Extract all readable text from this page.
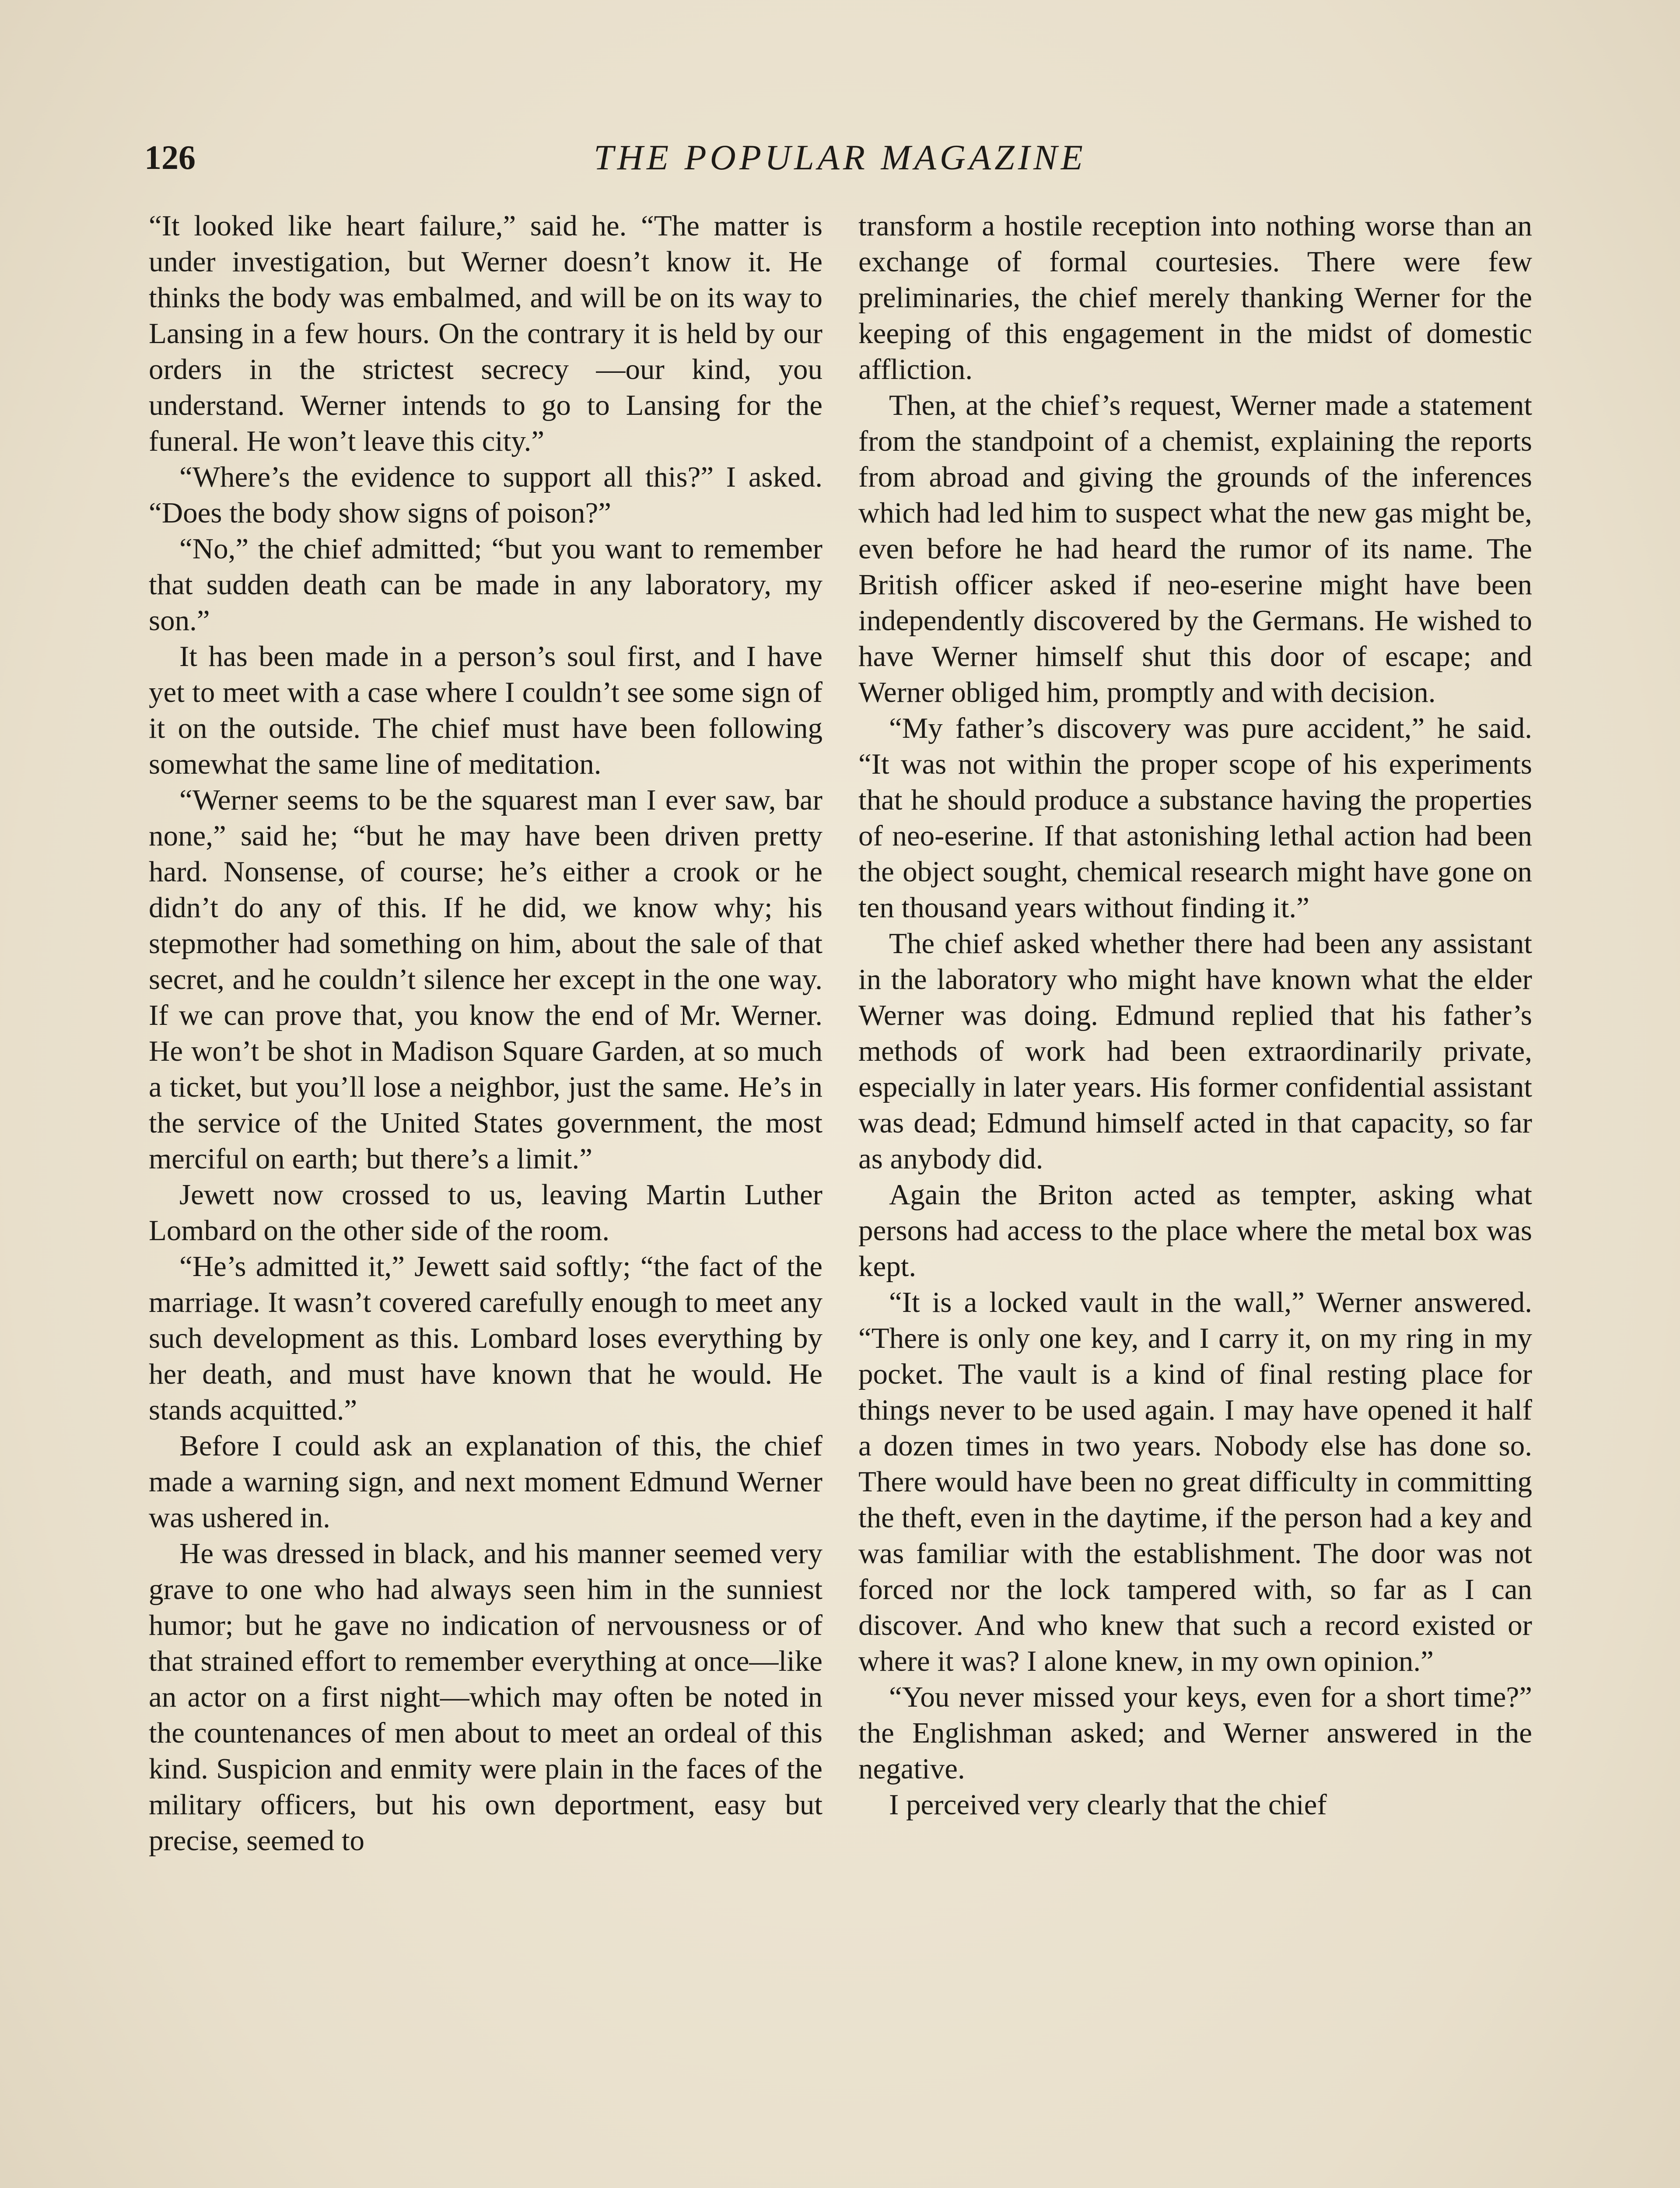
126	THE POPULAR MAGAZINE

“It looked like heart failure,” said he. “The matter is under investigation, but Werner doesn’t know it. He thinks the body was embalmed, and will be on its way to Lansing in a few hours. On the contrary it is held by our orders in the strictest secrecy —our kind, you understand. Werner intends to go to Lansing for the funeral. He won’t leave this city.”

“Where’s the evidence to support all this?” I asked. “Does the body show signs of poison?”

“No,” the chief admitted; “but you want to remember that sudden death can be made in any laboratory, my son.”

It has been made in a person’s soul first, and I have yet to meet with a case where I couldn’t see some sign of it on the outside. The chief must have been following somewhat the same line of meditation.

“Werner seems to be the squarest man I ever saw, bar none,” said he; “but he may have been driven pretty hard. Nonsense, of course; he’s either a crook or he didn’t do any of this. If he did, we know why; his stepmother had something on him, about the sale of that secret, and he couldn’t silence her except in the one way. If we can prove that, you know the end of Mr. Werner. He won’t be shot in Madison Square Garden, at so much a ticket, but you’ll lose a neighbor, just the same. He’s in the service of the United States government, the most merciful on earth; but there’s a limit.”

Jewett now crossed to us, leaving Martin Luther Lombard on the other side of the room.

“He’s admitted it,” Jewett said softly; “the fact of the marriage. It wasn’t covered carefully enough to meet any such development as this. Lombard loses everything by her death, and must have known that he would. He stands acquitted.”

Before I could ask an explanation of this, the chief made a warning sign, and next moment Edmund Werner was ushered in.

He was dressed in black, and his manner seemed very grave to one who had always seen him in the sunniest humor; but he gave no indication of nervousness or of that strained effort to remember everything at once—like an actor on a first night—which may often be noted in the countenances of men about to meet an ordeal of this kind. Suspicion and enmity were plain in the faces of the military officers, but his own deportment, easy but precise, seemed to

transform a hostile reception into nothing worse than an exchange of formal courtesies. There were few preliminaries, the chief merely thanking Werner for the keeping of this engagement in the midst of domestic affliction.

Then, at the chief’s request, Werner made a statement from the standpoint of a chemist, explaining the reports from abroad and giving the grounds of the inferences which had led him to suspect what the new gas might be, even before he had heard the rumor of its name. The British officer asked if neo-eserine might have been independently discovered by the Germans. He wished to have Werner himself shut this door of escape; and Werner obliged him, promptly and with decision.

“My father’s discovery was pure accident,” he said. “It was not within the proper scope of his experiments that he should produce a substance having the properties of neo-eserine. If that astonishing lethal action had been the object sought, chemical research might have gone on ten thousand years without finding it.”

The chief asked whether there had been any assistant in the laboratory who might have known what the elder Werner was doing. Edmund replied that his father’s methods of work had been extraordinarily private, especially in later years. His former confidential assistant was dead; Edmund himself acted in that capacity, so far as anybody did.

Again the Briton acted as tempter, asking what persons had access to the place where the metal box was kept.

“It is a locked vault in the wall,” Werner answered. “There is only one key, and I carry it, on my ring in my pocket. The vault is a kind of final resting place for things never to be used again. I may have opened it half a dozen times in two years. Nobody else has done so. There would have been no great difficulty in committing the theft, even in the daytime, if the person had a key and was familiar with the establishment. The door was not forced nor the lock tampered with, so far as I can discover. And who knew that such a record existed or where it was? I alone knew, in my own opinion.”

“You never missed your keys, even for a short time?” the Englishman asked; and Werner answered in the negative.

I perceived very clearly that the chief
